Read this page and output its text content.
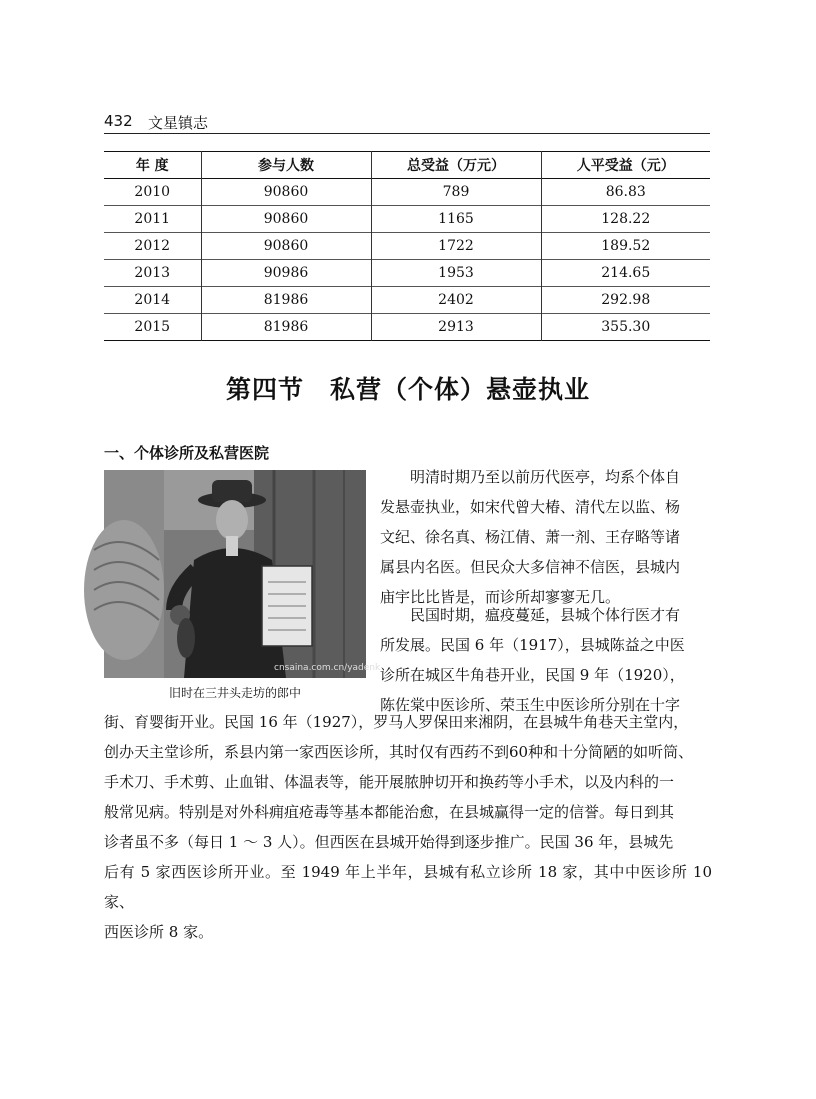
432 文星镇志
年 度	参与人数	总受益（万元）	人平受益（元）
2010	90860	789	86.83
2011	90860	1165	128.22
2012	90860	1722	189.52
2013	90986	1953	214.65
2014	81986	2402	292.98
2015	81986	2913	355.30
第四节　私营（个体）悬壶执业
一、个体诊所及私营医院
cnsaina.com.cn/yadenk
旧时在三井头走坊的郎中

明清时期乃至以前历代医亭，均系个体自

发悬壶执业，如宋代曾大椿、清代左以监、杨

文纪、徐名真、杨江倩、萧一剂、王存略等诸

属县内名医。但民众大多信神不信医，县城内

庙宇比比皆是，而诊所却寥寥无几。

民国时期，瘟疫蔓延，县城个体行医才有

所发展。民国 6 年（1917），县城陈益之中医

诊所在城区牛角巷开业，民国 9 年（1920），

陈佐棠中医诊所、荣玉生中医诊所分别在十字

街、育婴街开业。民国 16 年（1927），罗马人罗保田来湘阴，在县城牛角巷天主堂内，

创办天主堂诊所，系县内第一家西医诊所，其时仅有西药不到60种和十分简陋的如听筒、

手术刀、手术剪、止血钳、体温表等，能开展脓肿切开和换药等小手术，以及内科的一

般常见病。特别是对外科痈疽疮毒等基本都能治愈，在县城赢得一定的信誉。每日到其

诊者虽不多（每日 1 ～ 3 人）。但西医在县城开始得到逐步推广。民国 36 年，县城先

后有 5 家西医诊所开业。至 1949 年上半年，县城有私立诊所 18 家，其中中医诊所 10 家、

西医诊所 8 家。
